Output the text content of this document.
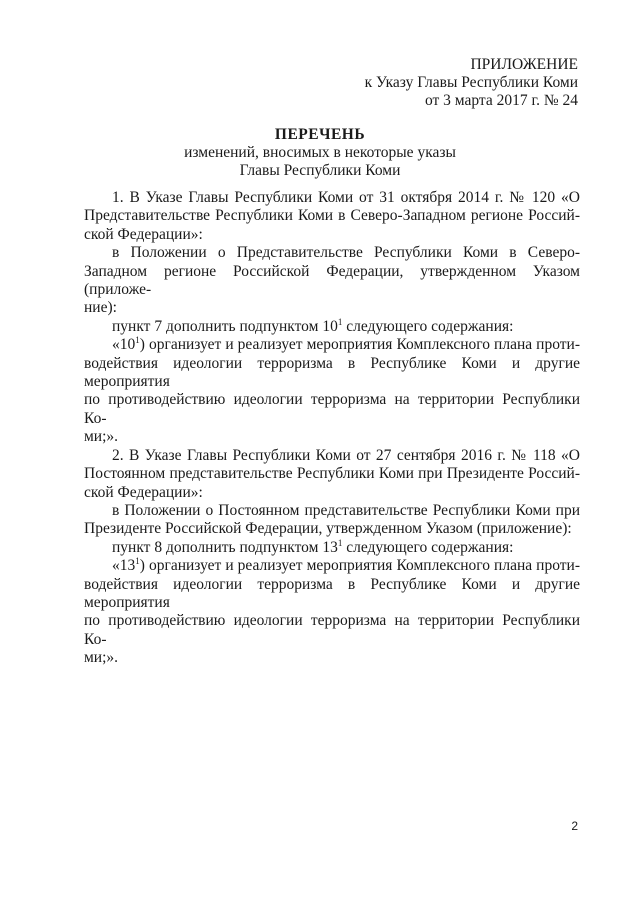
ПРИЛОЖЕНИЕ
к Указу Главы Республики Коми
от 3 марта 2017 г. № 24
ПЕРЕЧЕНЬ
изменений, вносимых в некоторые указы
Главы Республики Коми
1. В Указе Главы Республики Коми от 31 октября 2014 г. № 120 «О
Представительстве Республики Коми в Северо-Западном регионе Россий-
ской Федерации»:
в Положении о Представительстве Республики Коми в Северо-
Западном регионе Российской Федерации, утвержденном Указом (приложе-
ние):
пункт 7 дополнить подпунктом $10^1$ следующего содержания:
«$10^1$) организует и реализует мероприятия Комплексного плана проти-
водействия идеологии терроризма в Республике Коми и другие мероприятия
по противодействию идеологии терроризма на территории Республики Ко-
ми;».
2. В Указе Главы Республики Коми от 27 сентября 2016 г. № 118 «О
Постоянном представительстве Республики Коми при Президенте Россий-
ской Федерации»:
в Положении о Постоянном представительстве Республики Коми при
Президенте Российской Федерации, утвержденном Указом (приложение):
пункт 8 дополнить подпунктом $13^1$ следующего содержания:
«$13^1$) организует и реализует мероприятия Комплексного плана проти-
водействия идеологии терроризма в Республике Коми и другие мероприятия
по противодействию идеологии терроризма на территории Республики Ко-
ми;».
2
